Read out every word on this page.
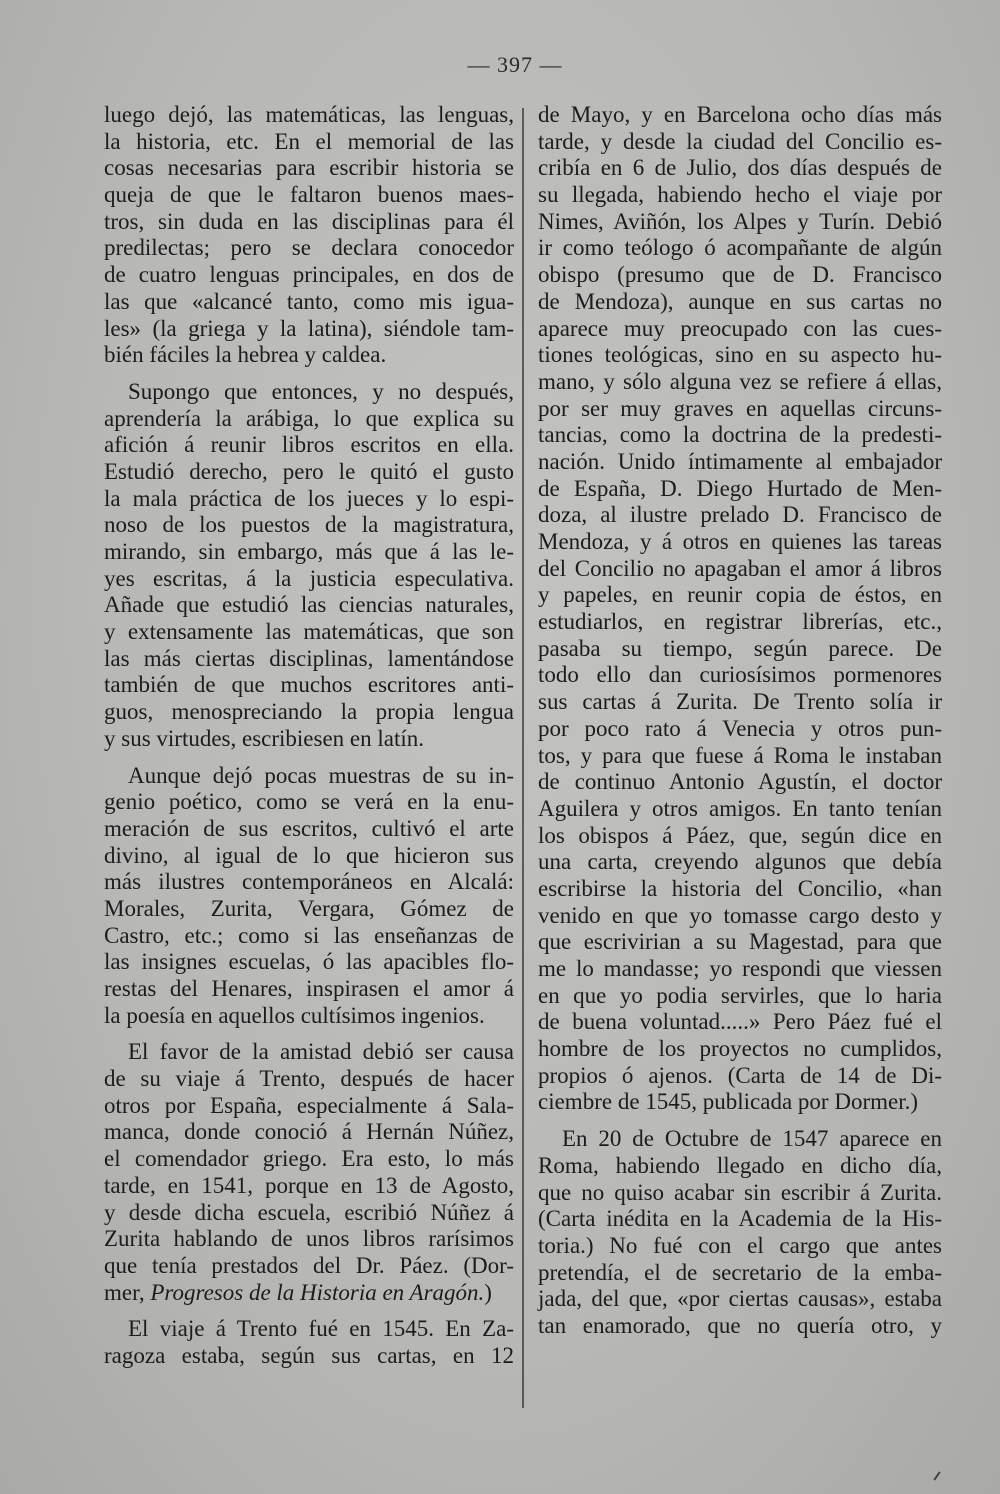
— 397 —
luego dejó, las matemáticas, las lenguas,
la historia, etc. En el memorial de las
cosas necesarias para escribir historia se
queja de que le faltaron buenos maes-
tros, sin duda en las disciplinas para él
predilectas; pero se declara conocedor
de cuatro lenguas principales, en dos de
las que «alcancé tanto, como mis igua-
les» (la griega y la latina), siéndole tam-
bién fáciles la hebrea y caldea.
Supongo que entonces, y no después,
aprendería la arábiga, lo que explica su
afición á reunir libros escritos en ella.
Estudió derecho, pero le quitó el gusto
la mala práctica de los jueces y lo espi-
noso de los puestos de la magistratura,
mirando, sin embargo, más que á las le-
yes escritas, á la justicia especulativa.
Añade que estudió las ciencias naturales,
y extensamente las matemáticas, que son
las más ciertas disciplinas, lamentándose
también de que muchos escritores anti-
guos, menospreciando la propia lengua
y sus virtudes, escribiesen en latín.
Aunque dejó pocas muestras de su in-
genio poético, como se verá en la enu-
meración de sus escritos, cultivó el arte
divino, al igual de lo que hicieron sus
más ilustres contemporáneos en Alcalá:
Morales, Zurita, Vergara, Gómez de
Castro, etc.; como si las enseñanzas de
las insignes escuelas, ó las apacibles flo-
restas del Henares, inspirasen el amor á
la poesía en aquellos cultísimos ingenios.
El favor de la amistad debió ser causa
de su viaje á Trento, después de hacer
otros por España, especialmente á Sala-
manca, donde conoció á Hernán Núñez,
el comendador griego. Era esto, lo más
tarde, en 1541, porque en 13 de Agosto,
y desde dicha escuela, escribió Núñez á
Zurita hablando de unos libros rarísimos
que tenía prestados del Dr. Páez. (Dor-
mer, Progresos de la Historia en Aragón.)
El viaje á Trento fué en 1545. En Za-
ragoza estaba, según sus cartas, en 12
de Mayo, y en Barcelona ocho días más
tarde, y desde la ciudad del Concilio es-
cribía en 6 de Julio, dos días después de
su llegada, habiendo hecho el viaje por
Nimes, Aviñón, los Alpes y Turín. Debió
ir como teólogo ó acompañante de algún
obispo (presumo que de D. Francisco
de Mendoza), aunque en sus cartas no
aparece muy preocupado con las cues-
tiones teológicas, sino en su aspecto hu-
mano, y sólo alguna vez se refiere á ellas,
por ser muy graves en aquellas circuns-
tancias, como la doctrina de la predesti-
nación. Unido íntimamente al embajador
de España, D. Diego Hurtado de Men-
doza, al ilustre prelado D. Francisco de
Mendoza, y á otros en quienes las tareas
del Concilio no apagaban el amor á libros
y papeles, en reunir copia de éstos, en
estudiarlos, en registrar librerías, etc.,
pasaba su tiempo, según parece. De
todo ello dan curiosísimos pormenores
sus cartas á Zurita. De Trento solía ir
por poco rato á Venecia y otros pun-
tos, y para que fuese á Roma le instaban
de continuo Antonio Agustín, el doctor
Aguilera y otros amigos. En tanto tenían
los obispos á Páez, que, según dice en
una carta, creyendo algunos que debía
escribirse la historia del Concilio, «han
venido en que yo tomasse cargo desto y
que escrivirian a su Magestad, para que
me lo mandasse; yo respondi que viessen
en que yo podia servirles, que lo haria
de buena voluntad.....» Pero Páez fué el
hombre de los proyectos no cumplidos,
propios ó ajenos. (Carta de 14 de Di-
ciembre de 1545, publicada por Dormer.)
En 20 de Octubre de 1547 aparece en
Roma, habiendo llegado en dicho día,
que no quiso acabar sin escribir á Zurita.
(Carta inédita en la Academia de la His-
toria.) No fué con el cargo que antes
pretendía, el de secretario de la emba-
jada, del que, «por ciertas causas», estaba
tan enamorado, que no quería otro, y
